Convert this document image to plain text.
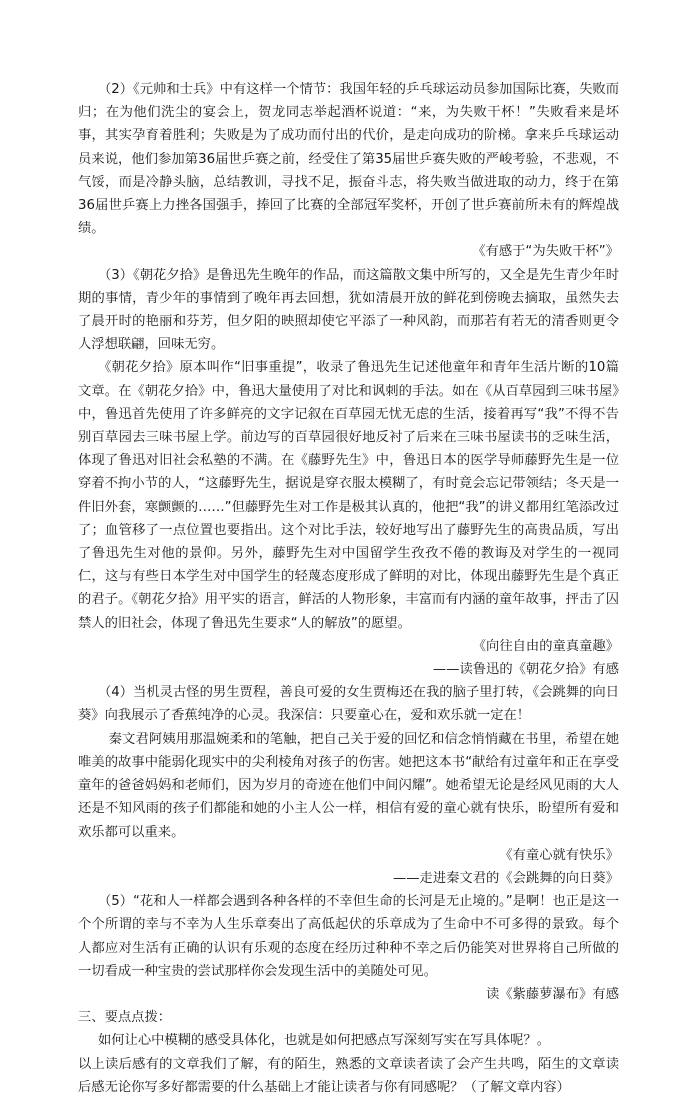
（2）《元帅和士兵》中有这样一个情节：我国年轻的乒乓球运动员参加国际比赛，失败而归；在为他们洗尘的宴会上，贺龙同志举起酒杯说道：“来，为失败干杯！”失败看来是坏事，其实孕育着胜利；失败是为了成功而付出的代价，是走向成功的阶梯。拿来乒乓球运动员来说，他们参加第36届世乒赛之前，经受住了第35届世乒赛失败的严峻考验，不悲观，不气馁，而是冷静头脑，总结教训，寻找不足，振奋斗志，将失败当做进取的动力，终于在第36届世乒赛上力挫各国强手，捧回了比赛的全部冠军奖杯，开创了世乒赛前所未有的辉煌战绩。

《有感于“为失败干杯”》

（3）《朝花夕拾》是鲁迅先生晚年的作品，而这篇散文集中所写的，又全是先生青少年时期的事情，青少年的事情到了晚年再去回想，犹如清晨开放的鲜花到傍晚去摘取，虽然失去了晨开时的艳丽和芬芳，但夕阳的映照却使它平添了一种风韵，而那若有若无的清香则更令人浮想联翩，回味无穷。

《朝花夕拾》原本叫作“旧事重提”，收录了鲁迅先生记述他童年和青年生活片断的10篇文章。在《朝花夕拾》中，鲁迅大量使用了对比和讽刺的手法。如在《从百草园到三味书屋》中，鲁迅首先使用了许多鲜亮的文字记叙在百草园无忧无虑的生活，接着再写“我”不得不告别百草园去三味书屋上学。前边写的百草园很好地反衬了后来在三味书屋读书的乏味生活，体现了鲁迅对旧社会私塾的不满。在《藤野先生》中，鲁迅日本的医学导师藤野先生是一位穿着不拘小节的人，“这藤野先生，据说是穿衣服太模糊了，有时竟会忘记带领结；冬天是一件旧外套，寒颤颤的……”但藤野先生对工作是极其认真的，他把“我”的讲义都用红笔添改过了；血管移了一点位置也要指出。这个对比手法，较好地写出了藤野先生的高贵品质，写出了鲁迅先生对他的景仰。另外，藤野先生对中国留学生孜孜不倦的教诲及对学生的一视同仁，这与有些日本学生对中国学生的轻蔑态度形成了鲜明的对比，体现出藤野先生是个真正的君子。《朝花夕拾》用平实的语言，鲜活的人物形象，丰富而有内涵的童年故事，抨击了囚禁人的旧社会，体现了鲁迅先生要求“人的解放”的愿望。

《向往自由的童真童趣》

——读鲁迅的《朝花夕拾》有感

（4）当机灵古怪的男生贾程，善良可爱的女生贾梅还在我的脑子里打转，《会跳舞的向日葵》向我展示了香蕉纯净的心灵。我深信：只要童心在，爱和欢乐就一定在！

秦文君阿姨用那温婉柔和的笔触，把自己关于爱的回忆和信念悄悄藏在书里，希望在她唯美的故事中能弱化现实中的尖利棱角对孩子的伤害。她把这本书“献给有过童年和正在享受童年的爸爸妈妈和老师们，因为岁月的奇迹在他们中间闪耀”。她希望无论是经风见雨的大人还是不知风雨的孩子们都能和她的小主人公一样，相信有爱的童心就有快乐，盼望所有爱和欢乐都可以重来。

《有童心就有快乐》

——走进秦文君的《会跳舞的向日葵》

（5）“花和人一样都会遇到各种各样的不幸但生命的长河是无止境的。”是啊！也正是这一个个所谓的幸与不幸为人生乐章奏出了高低起伏的乐章成为了生命中不可多得的景致。每个人都应对生活有正确的认识有乐观的态度在经历过种种不幸之后仍能笑对世界将自己所做的一切看成一种宝贵的尝试那样你会发现生活中的美随处可见。

读《紫藤萝瀑布》有感

三、要点点拨：

如何让心中模糊的感受具体化，也就是如何把感点写深刻写实在写具体呢？。

以上读后感有的文章我们了解，有的陌生，熟悉的文章读者读了会产生共鸣，陌生的文章读后感无论你写多好都需要的什么基础上才能让读者与你有同感呢？（了解文章内容）
